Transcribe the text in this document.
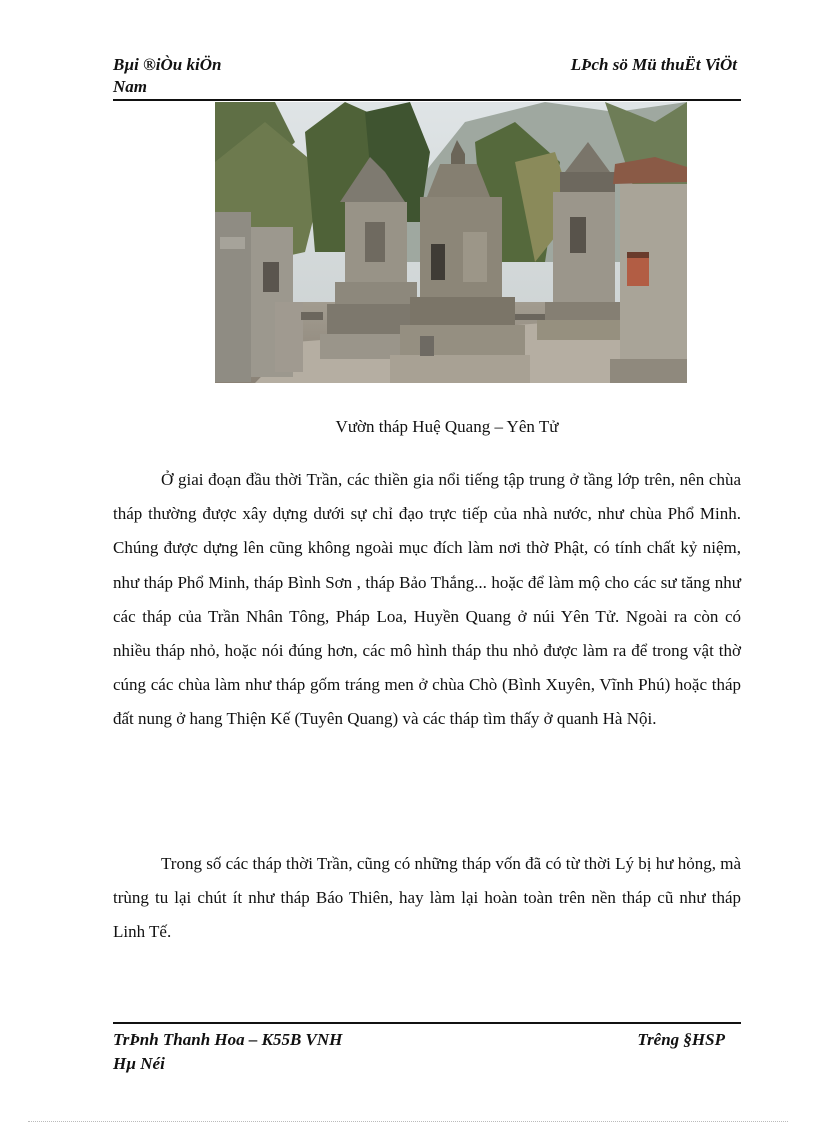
Bµi ®iÒu kiÖn
Nam
LÞch sö Mü thuËt ViÖt
Vườn tháp Huệ Quang – Yên Tử

Ở giai đoạn đầu thời Trần, các thiền gia nổi tiếng tập trung ở tầng lớp trên, nên chùa tháp thường được xây dựng dưới sự chỉ đạo trực tiếp của nhà nước, như chùa Phổ Minh. Chúng được dựng lên cũng không ngoài mục đích làm nơi thờ Phật, có tính chất kỷ niệm, như tháp Phổ Minh, tháp Bình Sơn , tháp Bảo Thắng... hoặc để làm mộ cho các sư tăng như các tháp của Trần Nhân Tông, Pháp Loa, Huyền Quang ở núi Yên Tử. Ngoài ra còn có nhiều tháp nhỏ, hoặc nói đúng hơn, các mô hình tháp thu nhỏ được làm ra để trong vật thờ cúng các chùa làm như tháp gốm tráng men ở chùa Chò (Bình Xuyên, Vĩnh Phú) hoặc tháp đất nung ở hang Thiện Kế (Tuyên Quang) và các tháp tìm thấy ở quanh Hà Nội.

Trong số các tháp thời Trần, cũng có những tháp vốn đã có từ thời Lý bị hư hỏng, mà trùng tu lại chút ít như tháp Báo Thiên, hay làm lại hoàn toàn trên nền tháp cũ như tháp Linh Tế.

TrÞnh Thanh Hoa – K55B VNH
Hµ Néi
Trêng §HSP
